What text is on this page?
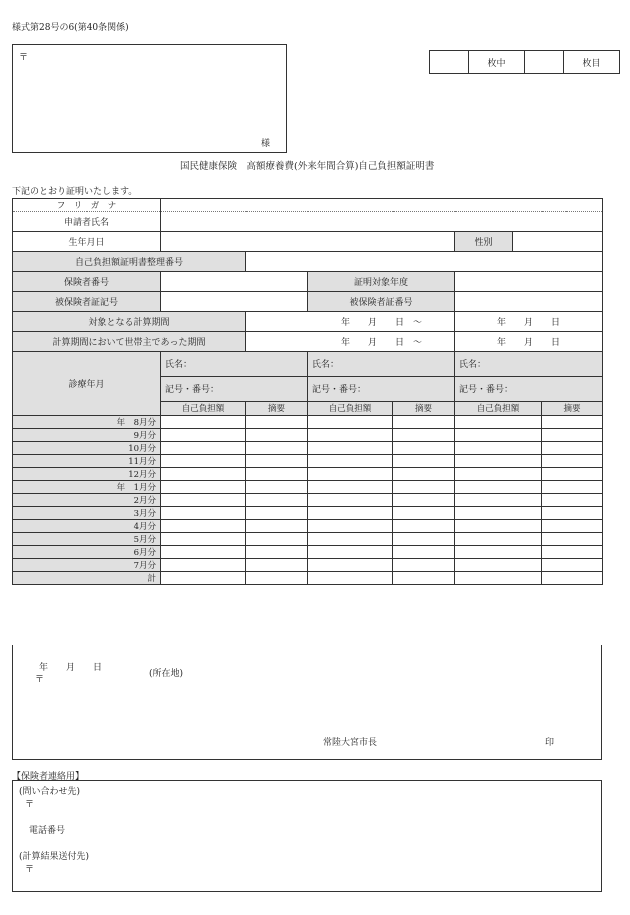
様式第28号の6(第40条関係)
〒
様
	枚中		枚目
国民健康保険　高額療養費(外来年間合算)自己負担額証明書
下記のとおり証明いたします。
フ　リ　ガ　ナ							
申請者氏名							
生年月日					性別		
自己負担額証明書整理番号							
保険者番号			証明対象年度				
被保険者証記号			被保険者証番号				
対象となる計算期間		年　　月　　日　〜			年　　月　　日		
計算期間において世帯主であった期間		年　　月　　日　〜			年　　月　　日		
診療年月	氏名：		氏名：		氏名：		
	記号・番号：		記号・番号：		記号・番号：		
	自己負担額	摘要	自己負担額	摘要	自己負担額		摘要
年　8月分							
9月分							
10月分							
11月分							
12月分							
年　1月分							
2月分							
3月分							
4月分							
5月分							
6月分							
7月分							
計							
年　　月　　日
〒
(所在地)
常陸大宮市長	印
【保険者連絡用】
(問い合わせ先)
〒
電話番号
(計算結果送付先)
〒
